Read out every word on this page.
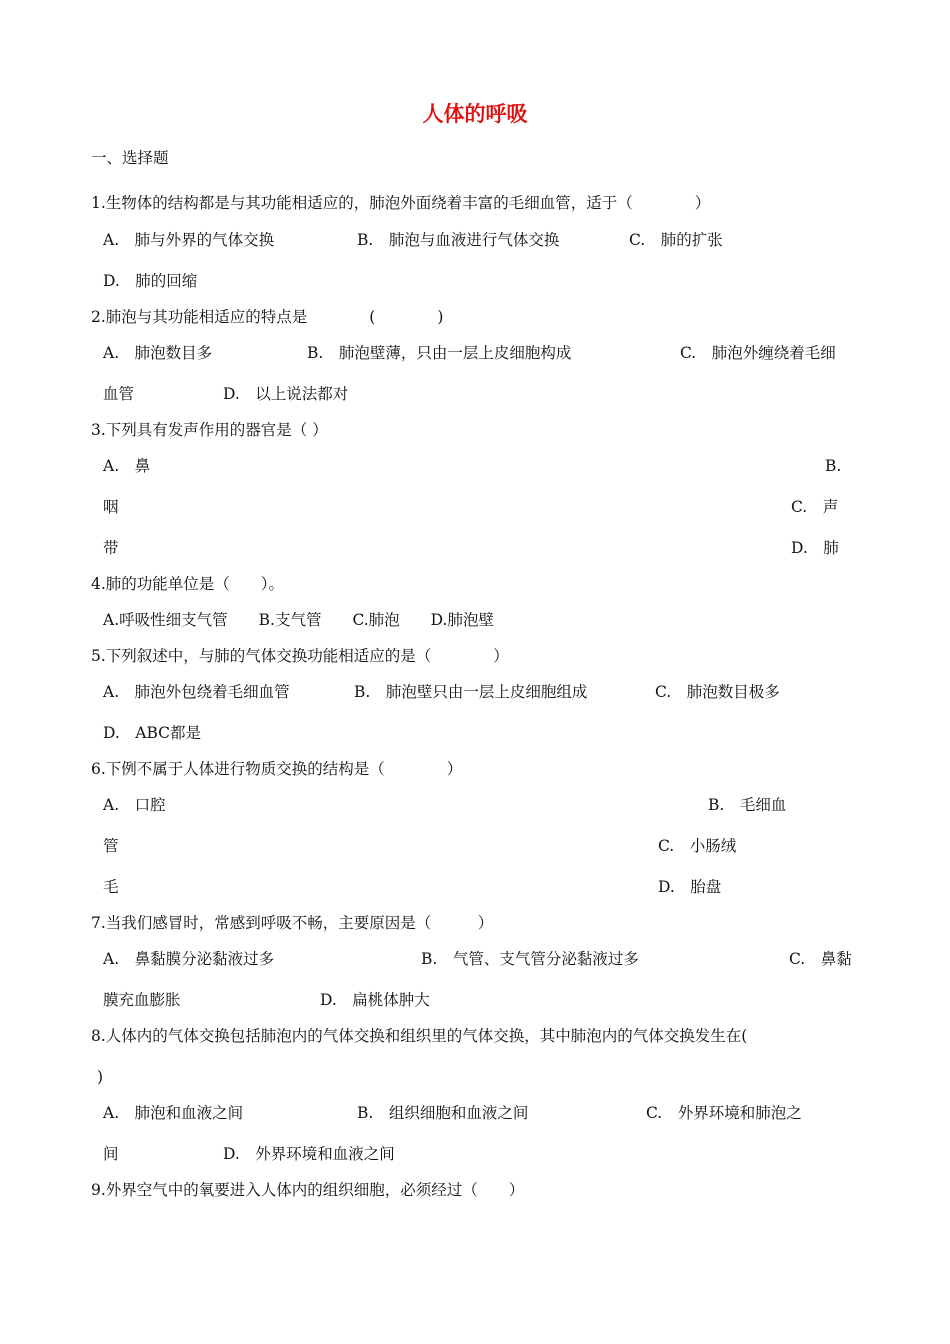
人体的呼吸
一、选择题
1.生物体的结构都是与其功能相适应的，肺泡外面绕着丰富的毛细血管，适于（　　　　）
A.　肺与外界的气体交换	B.　肺泡与血液进行气体交换	C.　肺的扩张
D.　肺的回缩
2.肺泡与其功能相适应的特点是　　　　(　　　　)
A.　肺泡数目多	B.　肺泡壁薄，只由一层上皮细胞构成	C.　肺泡外缠绕着毛细
血管	D.　以上说法都对
3.下列具有发声作用的器官是（ ）
A.　鼻	B.
咽	C.　声
带	D.　肺
4.肺的功能单位是（　　）。
A.呼吸性细支气管　　B.支气管　　C.肺泡　　D.肺泡壁
5.下列叙述中，与肺的气体交换功能相适应的是（　　　　）
A.　肺泡外包绕着毛细血管	B.　肺泡壁只由一层上皮细胞组成	C.　肺泡数目极多
D.　ABC都是
6.下例不属于人体进行物质交换的结构是（　　　　）
A.　口腔	B.　毛细血
管	C.　小肠绒
毛	D.　胎盘
7.当我们感冒时，常感到呼吸不畅，主要原因是（　　　）
A.　鼻黏膜分泌黏液过多	B.　气管、支气管分泌黏液过多	C.　鼻黏
膜充血膨胀	D.　扁桃体肿大
8.人体内的气体交换包括肺泡内的气体交换和组织里的气体交换，其中肺泡内的气体交换发生在(
)
A.　肺泡和血液之间	B.　组织细胞和血液之间	C.　外界环境和肺泡之
间	D.　外界环境和血液之间
9.外界空气中的氧要进入人体内的组织细胞，必须经过（　　）
